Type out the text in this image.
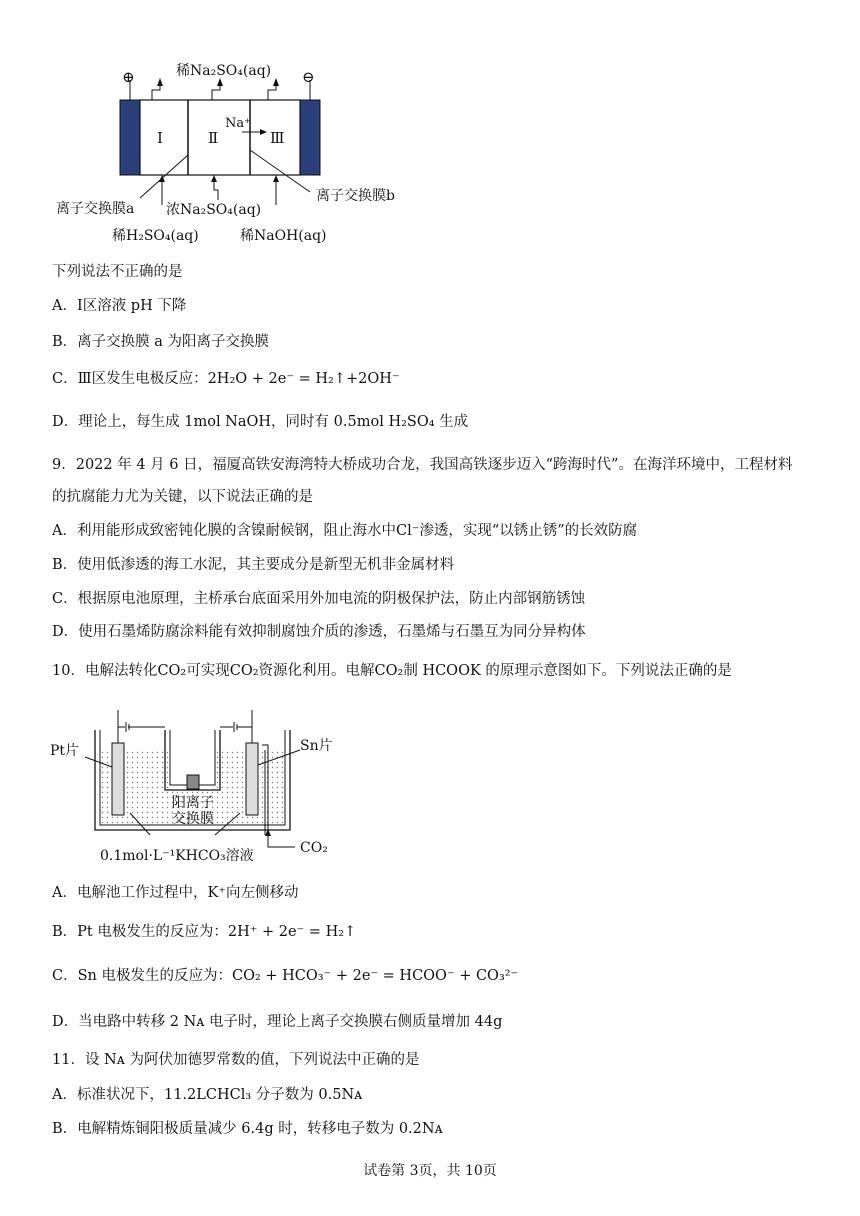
⊕	⊖
稀Na₂SO₄(aq)
Ⅰ	Ⅱ	Ⅲ
Na⁺
离子交换膜a
离子交换膜b
浓Na₂SO₄(aq)
稀H₂SO₄(aq)	稀NaOH(aq)
下列说法不正确的是
A．Ⅰ区溶液 pH 下降
B．离子交换膜 a 为阳离子交换膜
C．Ⅲ区发生电极反应：2H₂O + 2e⁻ = H₂↑+2OH⁻
D．理论上，每生成 1mol NaOH，同时有 0.5mol H₂SO₄ 生成
9．2022 年 4 月 6 日，福厦高铁安海湾特大桥成功合龙，我国高铁逐步迈入“跨海时代”。在海洋环境中，工程材料
的抗腐能力尤为关键，以下说法正确的是
A．利用能形成致密钝化膜的含镍耐候钢，阻止海水中Cl⁻渗透，实现“以锈止锈”的长效防腐
B．使用低渗透的海工水泥，其主要成分是新型无机非金属材料
C．根据原电池原理，主桥承台底面采用外加电流的阴极保护法，防止内部钢筋锈蚀
D．使用石墨烯防腐涂料能有效抑制腐蚀介质的渗透，石墨烯与石墨互为同分异构体
10．电解法转化CO₂可实现CO₂资源化利用。电解CO₂制 HCOOK 的原理示意图如下。下列说法正确的是
Pt片	Sn片
阳离子
交换膜
0.1mol·L⁻¹KHCO₃溶液	CO₂
A．电解池工作过程中，K⁺向左侧移动
B．Pt 电极发生的反应为：2H⁺ + 2e⁻ = H₂↑
C．Sn 电极发生的反应为：CO₂ + HCO₃⁻ + 2e⁻ = HCOO⁻ + CO₃²⁻
D．当电路中转移 2 Nᴀ 电子时，理论上离子交换膜右侧质量增加 44g
11．设 Nᴀ 为阿伏加德罗常数的值，下列说法中正确的是
A．标准状况下，11.2LCHCl₃ 分子数为 0.5Nᴀ
B．电解精炼铜阳极质量减少 6.4g 时，转移电子数为 0.2Nᴀ
试卷第 3页，共 10页
